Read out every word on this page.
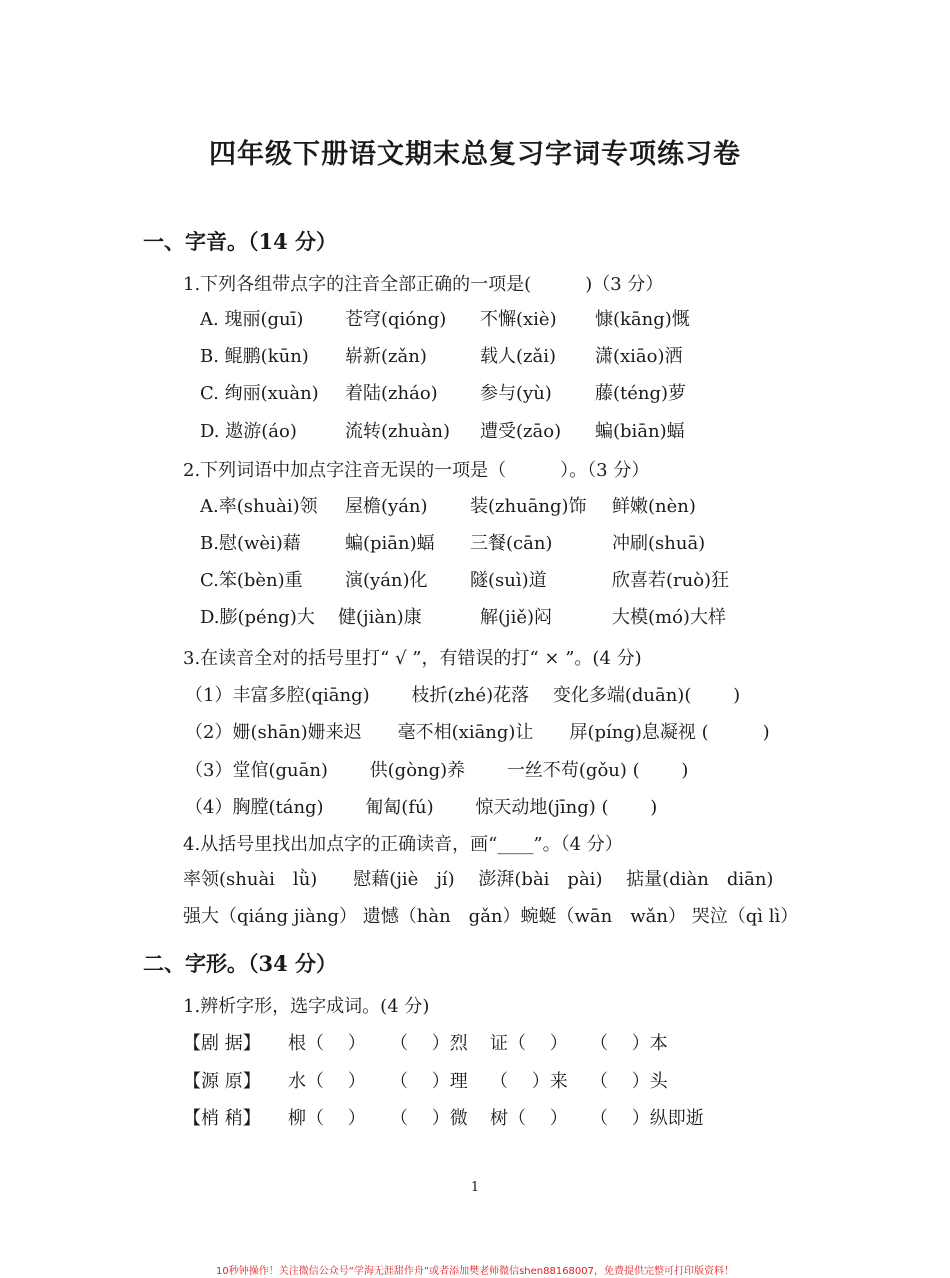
四年级下册语文期末总复习字词专项练习卷
一、字音。（14 分）
1.下列各组带点字的注音全部正确的一项是(　　　)（3 分）
A. 瑰丽(guī) 苍穹(qióng) 不懈(xiè) 慷(kāng)慨
B. 鲲鹏(kūn) 崭新(zǎn)	载人(zǎi) 潇(xiāo)洒
C. 绚丽(xuàn) 着陆(zháo) 参与(yù) 藤(téng)萝
D. 遨游(áo)	流转(zhuàn) 遭受(zāo) 蝙(biān)蝠
2.下列词语中加点字注音无误的一项是（　　　）。（3 分）
A.率(shuài)领 屋檐(yán) 装(zhuāng)饰 鲜嫩(nèn)
B.慰(wèi)藉 蝙(piān)蝠 三餐(cān)	冲刷(shuā)
C.笨(bèn)重 演(yán)化 隧(suì)道	欣喜若(ruò)狂
D.膨(péng)大 健(jiàn)康	解(jiě)闷	大模(mó)大样
3.在读音全对的括号里打“ √ ”，有错误的打“ × ”。(4 分)
（1）丰富多腔(qiāng)　　 枝折(zhé)花落　 变化多端(duān)(　　 )
（2）姗(shān)姗来迟　　毫不相(xiāng)让　　屏(píng)息凝视 (　　　)
（3）堂倌(guān)　　 供(gòng)养　　 一丝不苟(gǒu) (　　 )
（4）胸膛(táng)　　 匍匐(fú)　　 惊天动地(jīng) (　　 )
4.从括号里找出加点字的正确读音，画“____”。（4 分）
率领(shuài　lǜ)　　慰藉(jiè　jí)　 澎湃(bài　pài)　 掂量(diàn　diān)
强大（qiáng jiàng） 遗憾（hàn　gǎn）蜿蜒（wān　wǎn） 哭泣（qì lì）
二、字形。（34 分）
1.辨析字形，选字成词。(4 分)
【剧 据】 根（　 ） （　 ）烈 证（　 ） （　 ）本
【源 原】 水（　 ） （　 ）理 （　 ）来 （　 ）头
【梢 稍】 柳（　 ） （　 ）微 树（　 ） （　 ）纵即逝
1
10秒钟操作！关注微信公众号“学海无涯甜作舟”或者添加樊老师微信shen88168007，免费提供完整可打印版资料！
